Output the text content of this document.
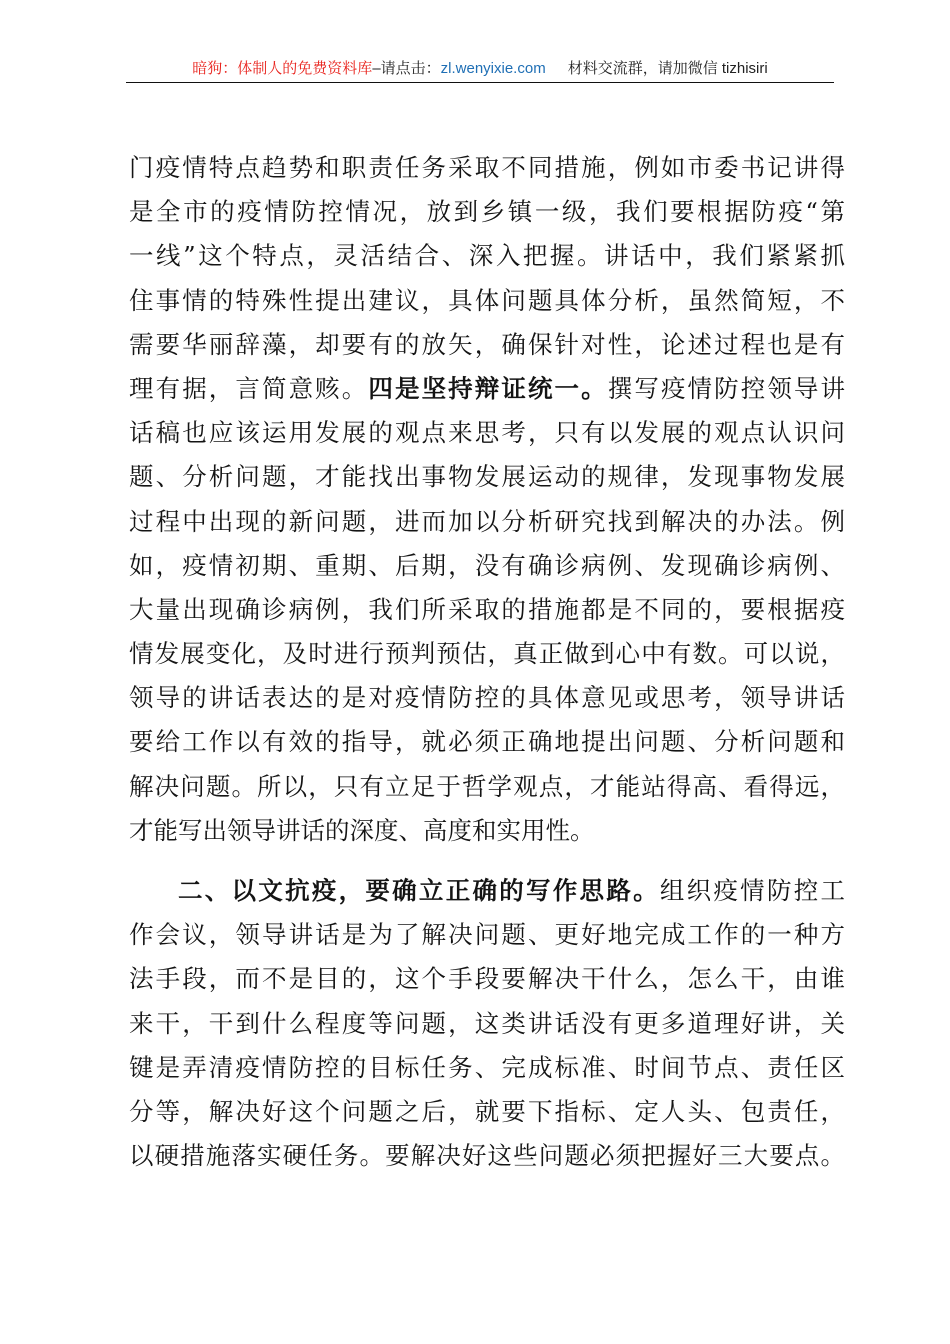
暗狗：体制人的免费资料库–请点击：zl.wenyixie.com 材料交流群，请加微信 tizhisiri
门疫情特点趋势和职责任务采取不同措施，例如市委书记讲得
是全市的疫情防控情况，放到乡镇一级，我们要根据防疫“第
一线”这个特点，灵活结合、深入把握。讲话中，我们紧紧抓
住事情的特殊性提出建议，具体问题具体分析，虽然简短，不
需要华丽辞藻，却要有的放矢，确保针对性，论述过程也是有
理有据，言简意赅。四是坚持辩证统一。撰写疫情防控领导讲
话稿也应该运用发展的观点来思考，只有以发展的观点认识问
题、分析问题，才能找出事物发展运动的规律，发现事物发展
过程中出现的新问题，进而加以分析研究找到解决的办法。例
如，疫情初期、重期、后期，没有确诊病例、发现确诊病例、
大量出现确诊病例，我们所采取的措施都是不同的，要根据疫
情发展变化，及时进行预判预估，真正做到心中有数。可以说，
领导的讲话表达的是对疫情防控的具体意见或思考，领导讲话
要给工作以有效的指导，就必须正确地提出问题、分析问题和
解决问题。所以，只有立足于哲学观点，才能站得高、看得远，
才能写出领导讲话的深度、高度和实用性。
二、以文抗疫，要确立正确的写作思路。组织疫情防控工
作会议，领导讲话是为了解决问题、更好地完成工作的一种方
法手段，而不是目的，这个手段要解决干什么，怎么干，由谁
来干，干到什么程度等问题，这类讲话没有更多道理好讲，关
键是弄清疫情防控的目标任务、完成标准、时间节点、责任区
分等，解决好这个问题之后，就要下指标、定人头、包责任，
以硬措施落实硬任务。要解决好这些问题必须把握好三大要点。
